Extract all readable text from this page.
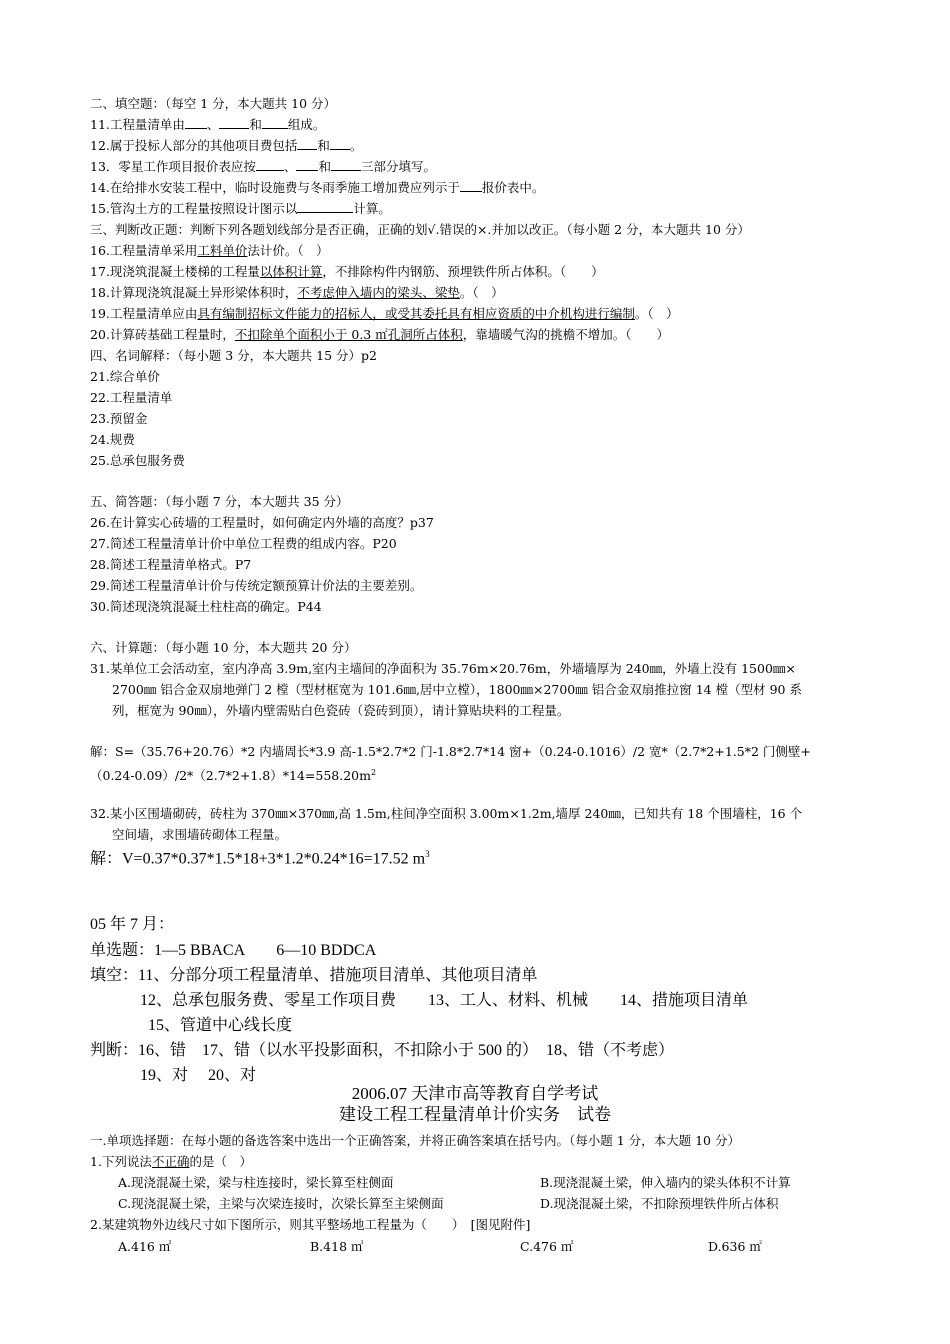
二、填空题：（每空 1 分，本大题共 10 分）
11.工程量清单由 、 和 组成。
12.属于投标人部分的其他项目费包括 和 。
13．零星工作项目报价表应按 、 和 三部分填写。
14.在给排水安装工程中，临时设施费与冬雨季施工增加费应列示于 报价表中。
15.管沟土方的工程量按照设计图示以	计算。
三、判断改正题：判断下列各题划线部分是否正确，正确的划√.错误的×.并加以改正。（每小题 2 分，本大题共 10 分）
16.工程量清单采用工料单价法计价。（　）
17.现浇筑混凝土楼梯的工程量以体积计算，不排除构件内钢筋、预埋铁件所占体积。（　　）
18.计算现浇筑混凝土异形梁体积时，不考虑伸入墙内的梁头、梁垫。（　）
19.工程量清单应由具有编制招标文件能力的招标人，或受其委托具有相应资质的中介机构进行编制。（　）
20.计算砖基础工程量时，不扣除单个面积小于 0.3 ㎡孔洞所占体积，靠墙暖气沟的挑檐不增加。（　　）
四、名词解释：（每小题 3 分，本大题共 15 分）p2
21.综合单价
22.工程量清单
23.预留金
24.规费
25.总承包服务费
五、简答题：（每小题 7 分，本大题共 35 分）
26.在计算实心砖墙的工程量时，如何确定内外墙的高度？p37
27.简述工程量清单计价中单位工程费的组成内容。P20
28.简述工程量清单格式。P7
29.简述工程量清单计价与传统定额预算计价法的主要差别。
30.简述现浇筑混凝土柱柱高的确定。P44
六、计算题：（每小题 10 分，本大题共 20 分）
31.某单位工会活动室，室内净高 3.9m,室内主墙间的净面积为 35.76m×20.76m，外墙墙厚为 240㎜，外墙上没有 1500㎜×
2700㎜ 铝合金双扇地弹门 2 樘（型材框宽为 101.6㎜,居中立樘），1800㎜×2700㎜ 铝合金双扇推拉窗 14 樘（型材 90 系
列，框宽为 90㎜），外墙内壁需贴白色瓷砖（瓷砖到顶），请计算贴块料的工程量。
解：S=（35.76+20.76）*2 内墙周长*3.9 高-1.5*2.7*2 门-1.8*2.7*14 窗+（0.24-0.1016）/2 宽*（2.7*2+1.5*2 门侧壁+
$(0.24-0.09)/2*(2.7*2+1.8)*14=558.20m^2$
32.某小区围墙砌砖，砖柱为 370㎜×370㎜,高 1.5m,柱间净空面积 3.00m×1.2m,墙厚 240㎜，已知共有 18 个围墙柱，16 个
空间墙，求围墙砖砌体工程量。
解：V=0.37*0.37*1.5*18+3*1.2*0.24*16=17.52 $m^3$
05 年 7 月：
单选题：1—5 BBACA　　6—10 BDDCA
填空：11、分部分项工程量清单、措施项目清单、其他项目清单
12、总承包服务费、零星工作项目费　　13、工人、材料、机械　　14、措施项目清单
15、管道中心线长度
判断：16、错　17、错（以水平投影面积，不扣除小于 500 的）　18、错（不考虑）
19、对　 20、对
2006.07 天津市高等教育自学考试
建设工程工程量清单计价实务　试卷
一.单项选择题：在每小题的备选答案中选出一个正确答案，并将正确答案填在括号内。（每小题 1 分，本大题 10 分）
1.下列说法不正确的是（　）
A.现浇混凝土梁，梁与柱连接时，梁长算至柱侧面	B.现浇混凝土梁，伸入墙内的梁头体积不计算
C.现浇混凝土梁，主梁与次梁连接时，次梁长算至主梁侧面	D.现浇混凝土梁，不扣除预埋铁件所占体积
2.某建筑物外边线尺寸如下图所示，则其平整场地工程量为（　　）　[图见附件]
A.416 ㎡	B.418 ㎡	C.476 ㎡	D.636 ㎡
